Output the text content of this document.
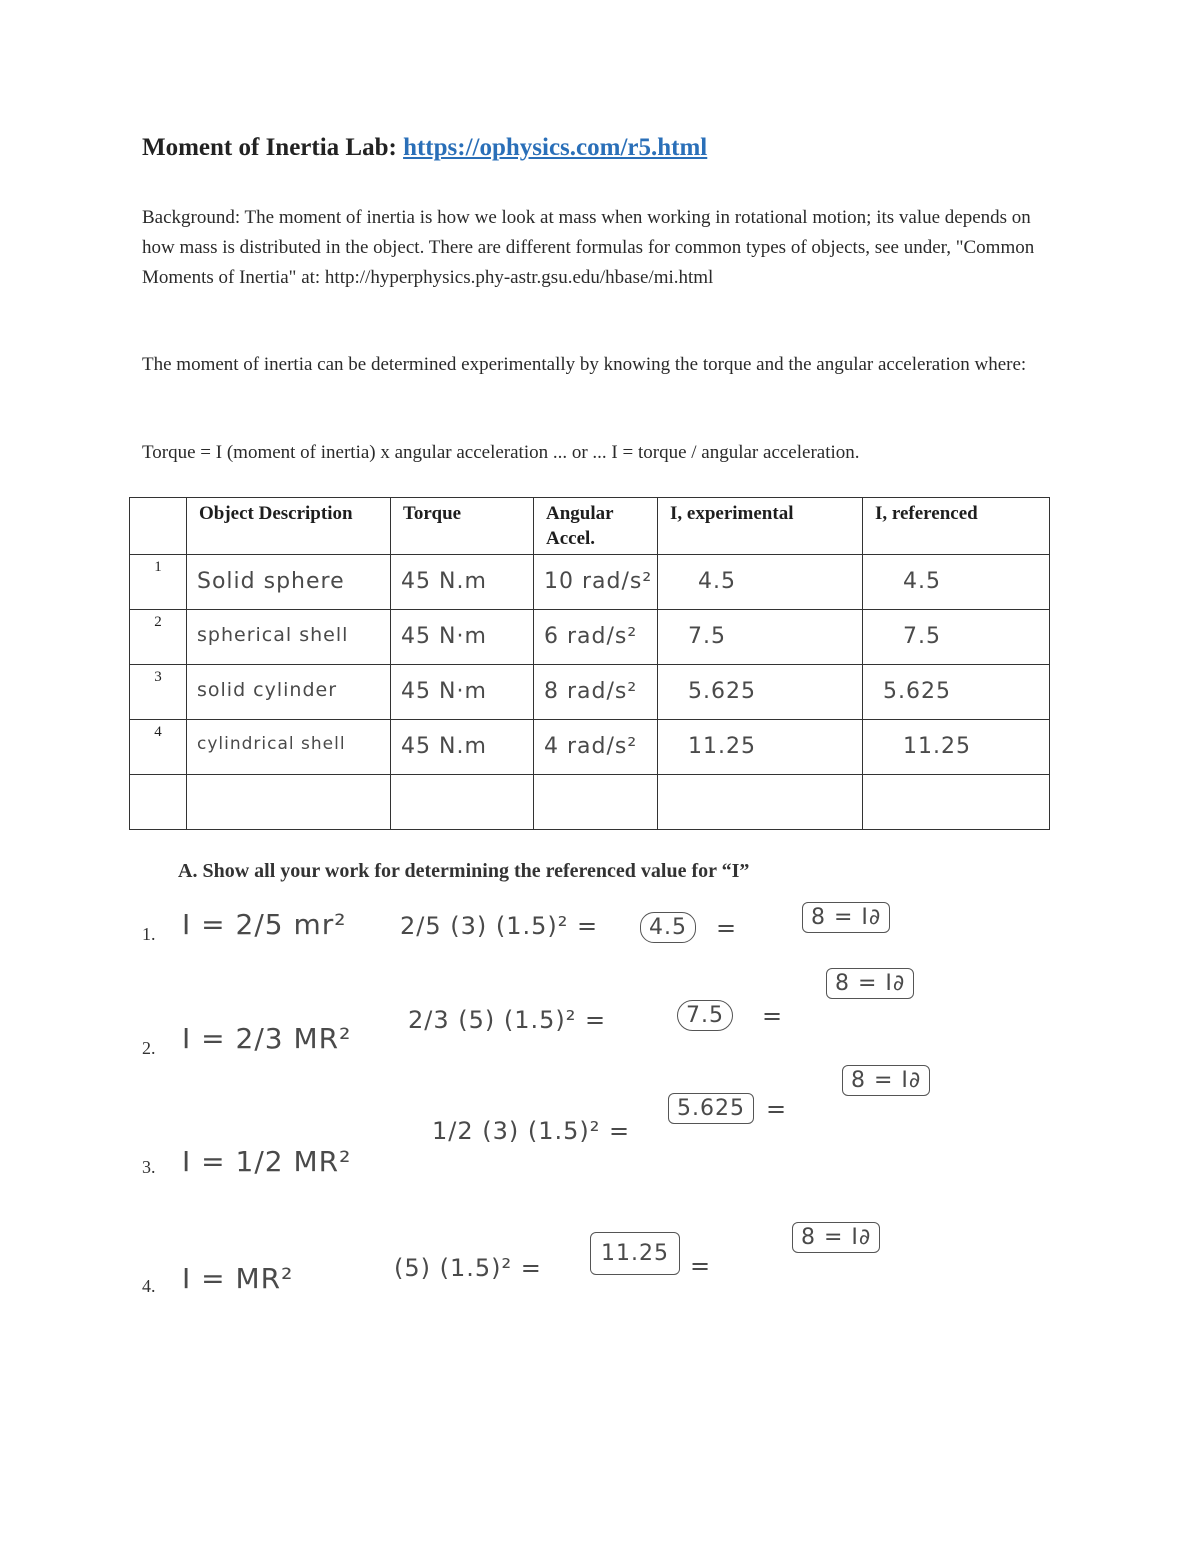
Moment of Inertia Lab: https://ophysics.com/r5.html
Background: The moment of inertia is how we look at mass when working in rotational motion; its value depends on how mass is distributed in the object. There are different formulas for common types of objects, see under, "Common Moments of Inertia" at: http://hyperphysics.phy-astr.gsu.edu/hbase/mi.html
The moment of inertia can be determined experimentally by knowing the torque and the angular acceleration where:
Torque = I (moment of inertia) x angular acceleration ... or ... I = torque / angular acceleration.
	Object Description	Torque	Angular Accel.	I, experimental	I, referenced

1	Solid sphere	45 N.m	10 rad/s²	4.5	4.5

2	spherical shell	45 N·m	6 rad/s²	7.5	7.5

3	solid cylinder	45 N·m	8 rad/s²	5.625	5.625

4	cylindrical shell	45 N.m	4 rad/s²	11.25	11.25

A. Show all your work for determining the referenced value for “I”
1. I = 2/5 mr² 2/5 (3) (1.5)² =	4.5	=	8 = I∂
2. I = 2/3 MR²
2/3 (5) (1.5)² =	7.5	=
8 = I∂
3. I = 1/2 MR²
1/2 (3) (1.5)² =
5.625 =
8 = I∂
4. I = MR²	(5) (1.5)² =
11.25 =
8 = I∂
